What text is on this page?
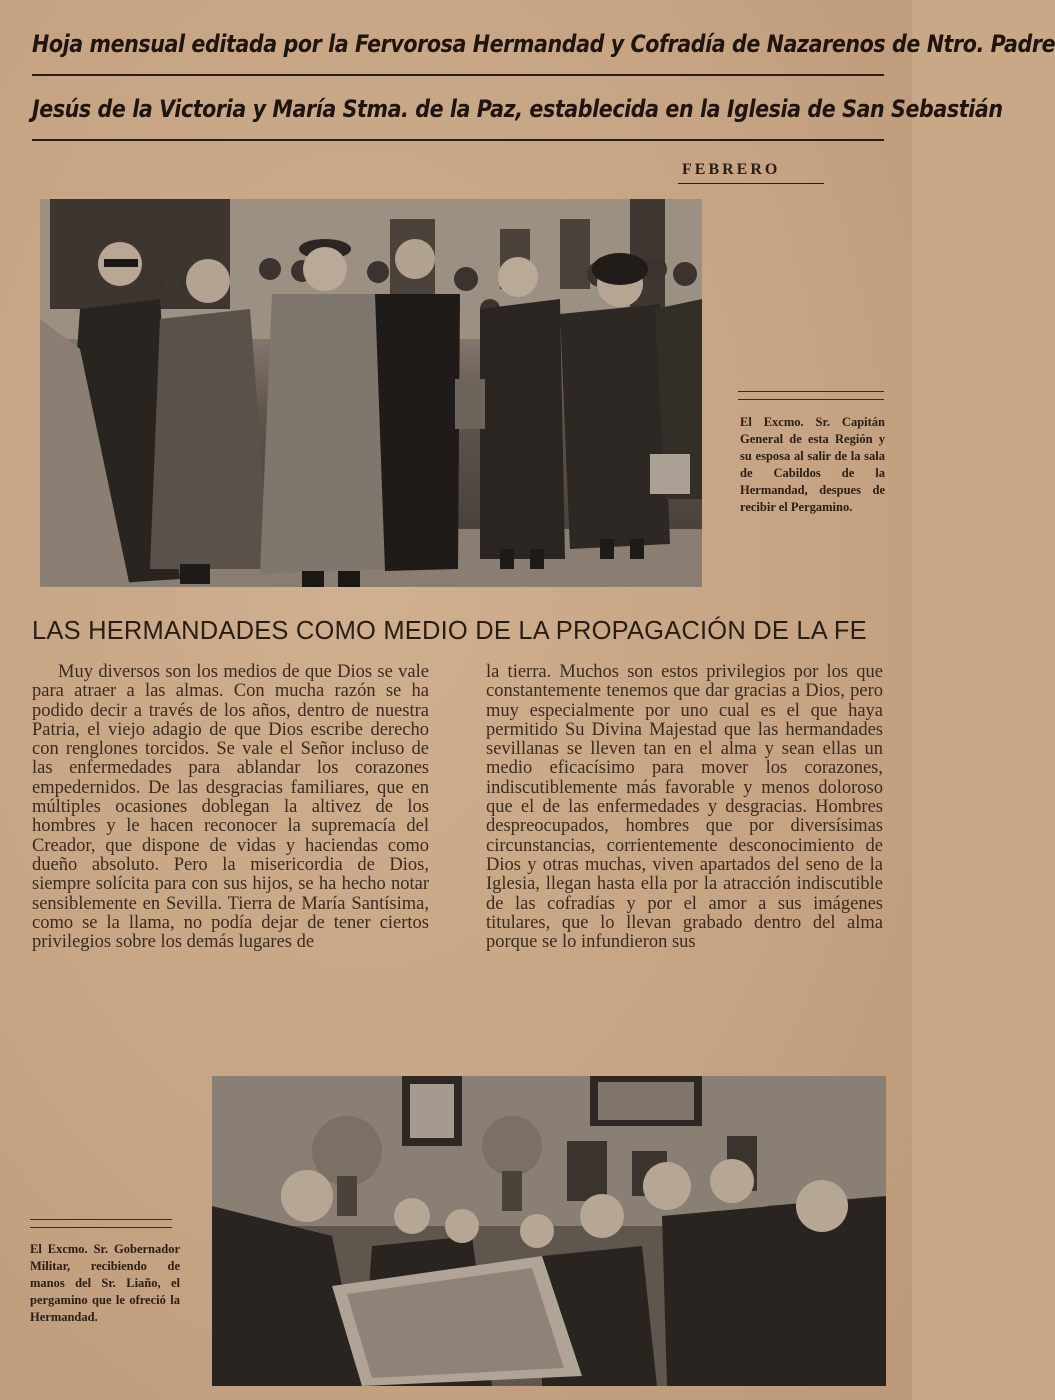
Hoja mensual editada por la Fervorosa Hermandad y Cofradía de Nazarenos de Ntro. Padre
Jesús de la Victoria y María Stma. de la Paz, establecida en la Iglesia de San Sebastián
FEBRERO
El Excmo. Sr. Capitán General de esta Región y su esposa al salir de la sala de Cabildos de la Hermandad, despues de recibir el Pergamino.
LAS HERMANDADES COMO MEDIO DE LA PROPAGACIÓN DE LA FE

Muy diversos son los medios de que Dios se vale para atraer a las almas. Con mucha razón se ha podido decir a través de los años, dentro de nuestra Patria, el viejo adagio de que Dios escribe derecho con renglones torcidos. Se vale el Señor incluso de las enfermedades para ablandar los corazones empedernidos. De las desgracias familiares, que en múltiples ocasiones doblegan la altivez de los hombres y le hacen reconocer la supremacía del Creador, que dispone de vidas y haciendas como dueño absoluto. Pero la misericordia de Dios, siempre solícita para con sus hijos, se ha hecho notar sensiblemente en Sevilla. Tierra de María Santísima, como se la llama, no podía dejar de tener ciertos privilegios sobre los demás lugares de

la tierra. Muchos son estos privilegios por los que constantemente tenemos que dar gracias a Dios, pero muy especialmente por uno cual es el que haya permitido Su Divina Majestad que las hermandades sevillanas se lleven tan en el alma y sean ellas un medio eficacísimo para mover los corazones, indiscutiblemente más favorable y menos doloroso que el de las enfermedades y desgracias. Hombres despreocupados, hombres que por diversísimas circunstancias, corrientemente desconocimiento de Dios y otras muchas, viven apartados del seno de la Iglesia, llegan hasta ella por la atracción indiscutible de las cofradías y por el amor a sus imágenes titulares, que lo llevan grabado dentro del alma porque se lo infundieron sus

El Excmo. Sr. Gobernador Militar, recibiendo de manos del Sr. Liaño, el pergamino que le ofreció la Hermandad.
